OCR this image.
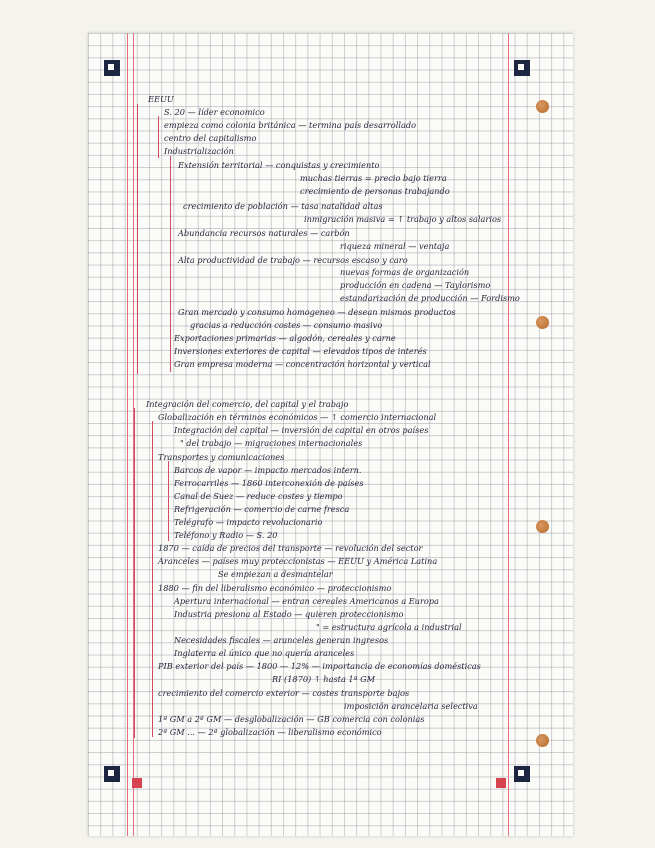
EEUU
S. 20 — líder economico
empieza como colonia británica — termina país desarrollado
centro del capitalismo
Industrialización
Extensión territorial — conquistas y crecimiento
muchas tierras = precio bajo tierra
crecimiento de personas trabajando
crecimiento de población — tasa natalidad altas
inmigración masiva = ↑ trabajo y altos salarios
Abundancia recursos naturales — carbón
riqueza mineral — ventaja
Alta productividad de trabajo — recursos escaso y caro
nuevas formas de organización
producción en cadena — Taylorismo
estandarización de producción — Fordismo
Gran mercado y consumo homogeneo — desean mismos productos
gracias a reducción costes — consumo masivo
Exportaciones primarias — algodón, cereales y carne
Inversiones exteriores de capital — elevados tipos de interés
Gran empresa moderna — concentración horizontal y vertical
Integración del comercio, del capital y el trabajo
Globalización en términos económicos — ↑ comercio internacional
Integración del capital — inversión de capital en otros países
" del trabajo — migraciones internacionales
Transportes y comunicaciones
Barcos de vapor — impacto mercados intern.
Ferrocarriles — 1860 interconexión de países
Canal de Suez — reduce costes y tiempo
Refrigeración — comercio de carne fresca
Telégrafo — impacto revolucionario
Teléfono y Radio — S. 20
1870 — caída de precios del transporte — revolución del sector
Aranceles — países muy proteccionistas — EEUU y América Latina
Se empiezan a desmantelar
1880 — fin del liberalismo económico — proteccionismo
Apertura internacional — entran cereales Americanos a Europa
Industria presiona al Estado — quieren proteccionismo
" = estructura agrícola a industrial
Necesidades fiscales — aranceles generan ingresos
Inglaterra el único que no quería aranceles
PIB exterior del país — 1800 — 12% — importancia de economías domésticas
RI (1870) ↑ hasta 1ª GM
crecimiento del comercio exterior — costes transporte bajos
imposición arancelaria selectiva
1ª GM a 2ª GM — desglobalización — GB comercia con colonias
2ª GM ... — 2ª globalización — liberalismo económico
